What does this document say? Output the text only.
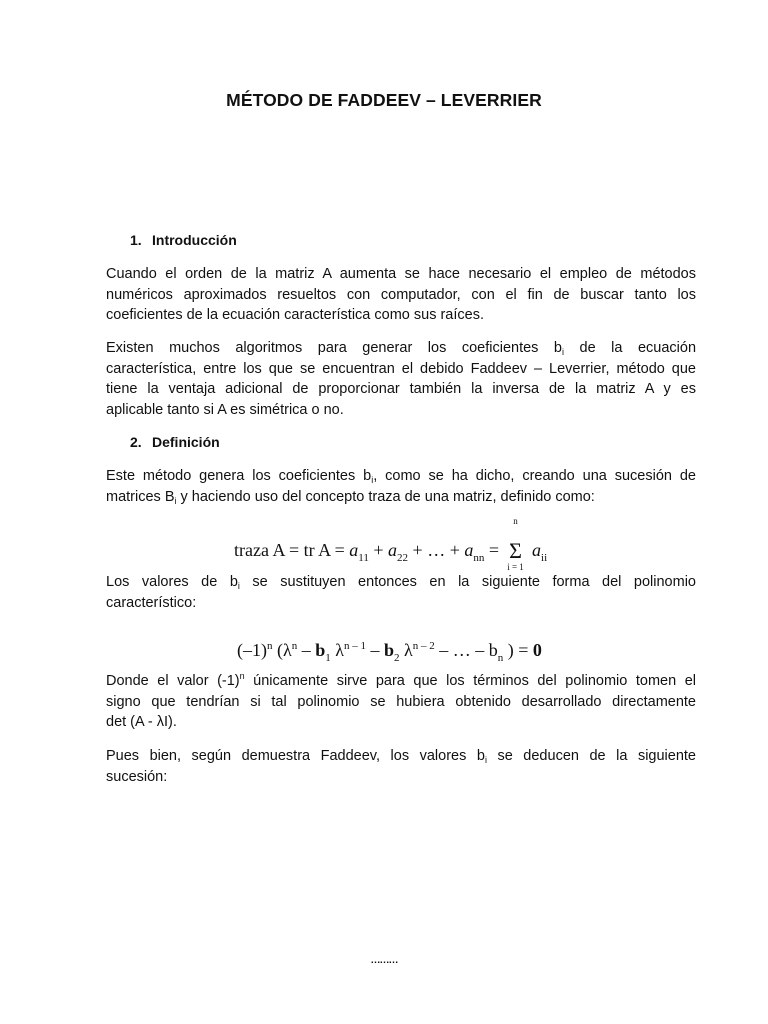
MÉTODO DE FADDEEV – LEVERRIER
1. Introducción

Cuando el orden de la matriz A aumenta se hace necesario el empleo de métodos
numéricos aproximados resueltos con computador, con el fin de buscar tanto los
coeficientes de la ecuación característica como sus raíces.

Existen muchos algoritmos para generar los coeficientes $b_i$ de la ecuación
característica, entre los que se encuentran el debido Faddeev – Leverrier, método que
tiene la ventaja adicional de proporcionar también la inversa de la matriz A y es
aplicable tanto si A es simétrica o no.

2. Definición

Este método genera los coeficientes $b_i$, como se ha dicho, creando una sucesión de
matrices $B_i$ y haciendo uso del concepto traza de una matriz, definido como:

traza A = tr $A = a_{11} + a_{22}$ + … + $a_{nn}$ =
n
Σ
i = 1
$a_{ii}$

Los valores de $b_i$ se sustituyen entonces en la siguiente forma del polinomio
característico:

$(-1)^n$ ($\lambda^n - b_1$ $\lambda^{n - 1} - b_2$ $\lambda^{n - 2}$ – … – $b_n$ ) = 0

Donde el valor $(-1)^n$ únicamente sirve para que los términos del polinomio tomen el
signo que tendrían si tal polinomio se hubiera obtenido desarrollado directamente
det (A - λI).

Pues bien, según demuestra Faddeev, los valores $b_i$ se deducen de la siguiente
sucesión:

………
